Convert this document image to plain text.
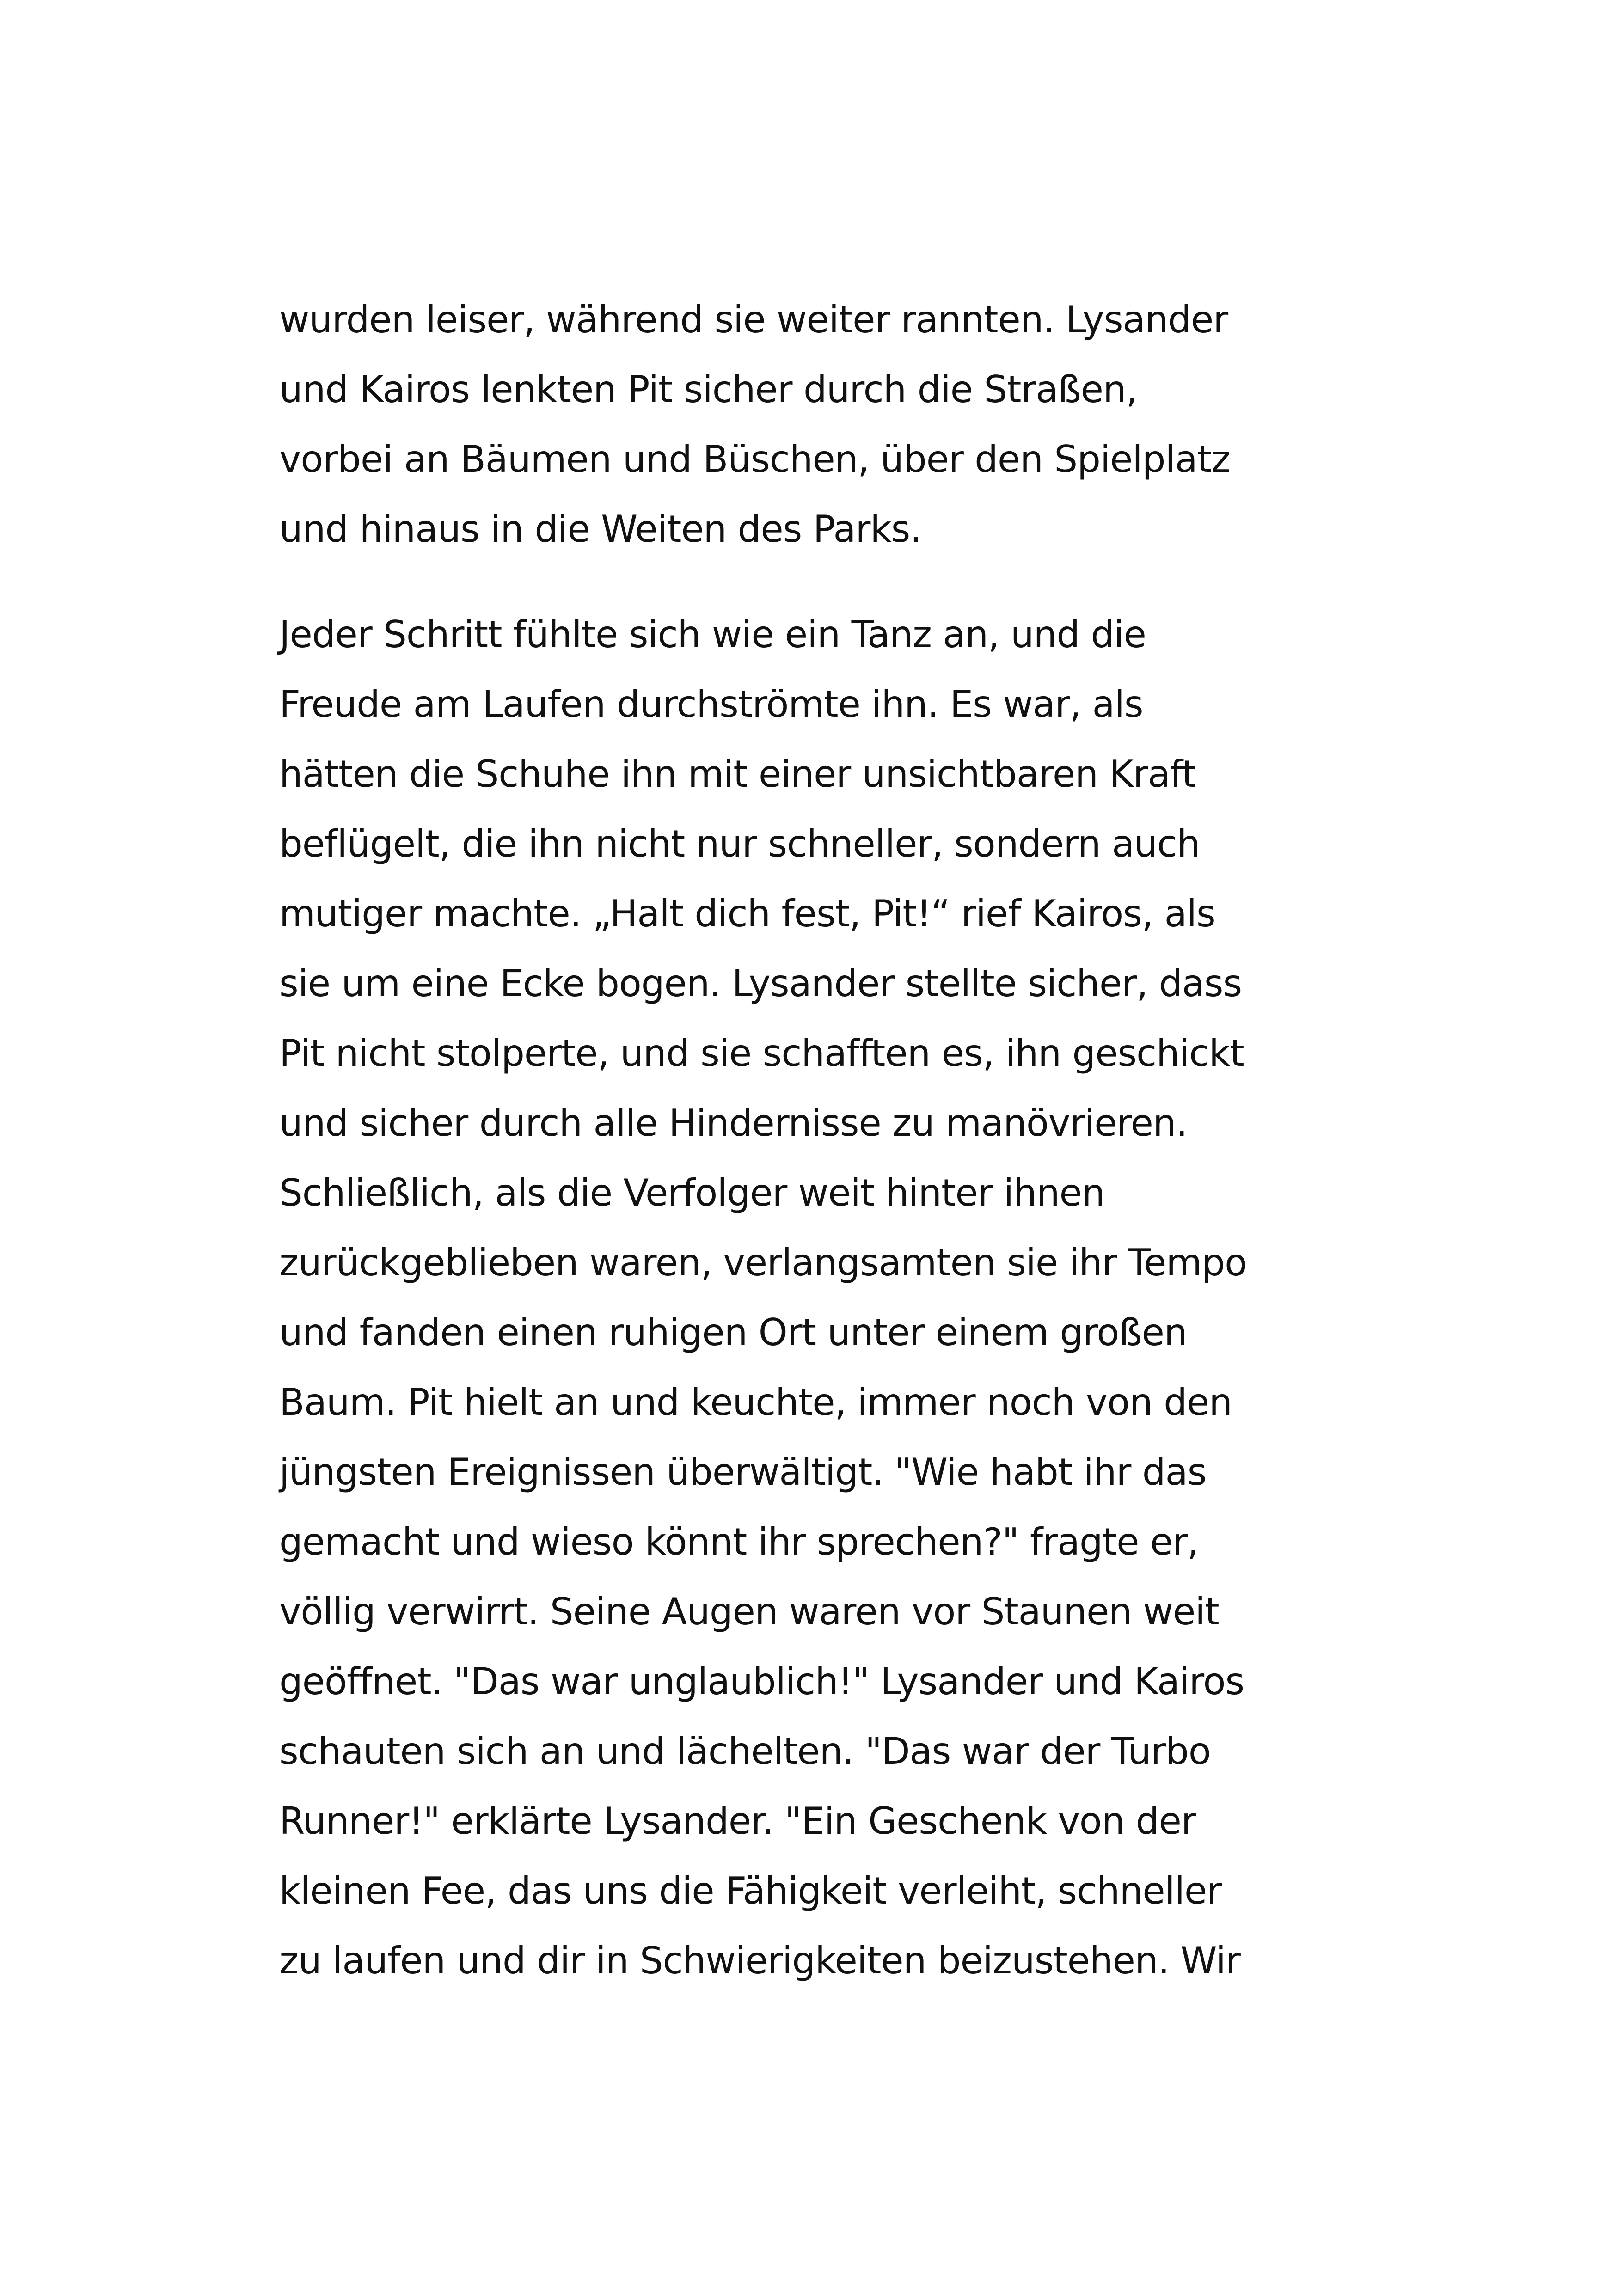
wurden leiser, während sie weiter rannten. Lysander
und Kairos lenkten Pit sicher durch die Straßen,
vorbei an Bäumen und Büschen, über den Spielplatz
und hinaus in die Weiten des Parks.
Jeder Schritt fühlte sich wie ein Tanz an, und die
Freude am Laufen durchströmte ihn. Es war, als
hätten die Schuhe ihn mit einer unsichtbaren Kraft
beflügelt, die ihn nicht nur schneller, sondern auch
mutiger machte. „Halt dich fest, Pit!“ rief Kairos, als
sie um eine Ecke bogen. Lysander stellte sicher, dass
Pit nicht stolperte, und sie schafften es, ihn geschickt
und sicher durch alle Hindernisse zu manövrieren.
Schließlich, als die Verfolger weit hinter ihnen
zurückgeblieben waren, verlangsamten sie ihr Tempo
und fanden einen ruhigen Ort unter einem großen
Baum. Pit hielt an und keuchte, immer noch von den
jüngsten Ereignissen überwältigt. "Wie habt ihr das
gemacht und wieso könnt ihr sprechen?" fragte er,
völlig verwirrt. Seine Augen waren vor Staunen weit
geöffnet. "Das war unglaublich!" Lysander und Kairos
schauten sich an und lächelten. "Das war der Turbo
Runner!" erklärte Lysander. "Ein Geschenk von der
kleinen Fee, das uns die Fähigkeit verleiht, schneller
zu laufen und dir in Schwierigkeiten beizustehen. Wir
